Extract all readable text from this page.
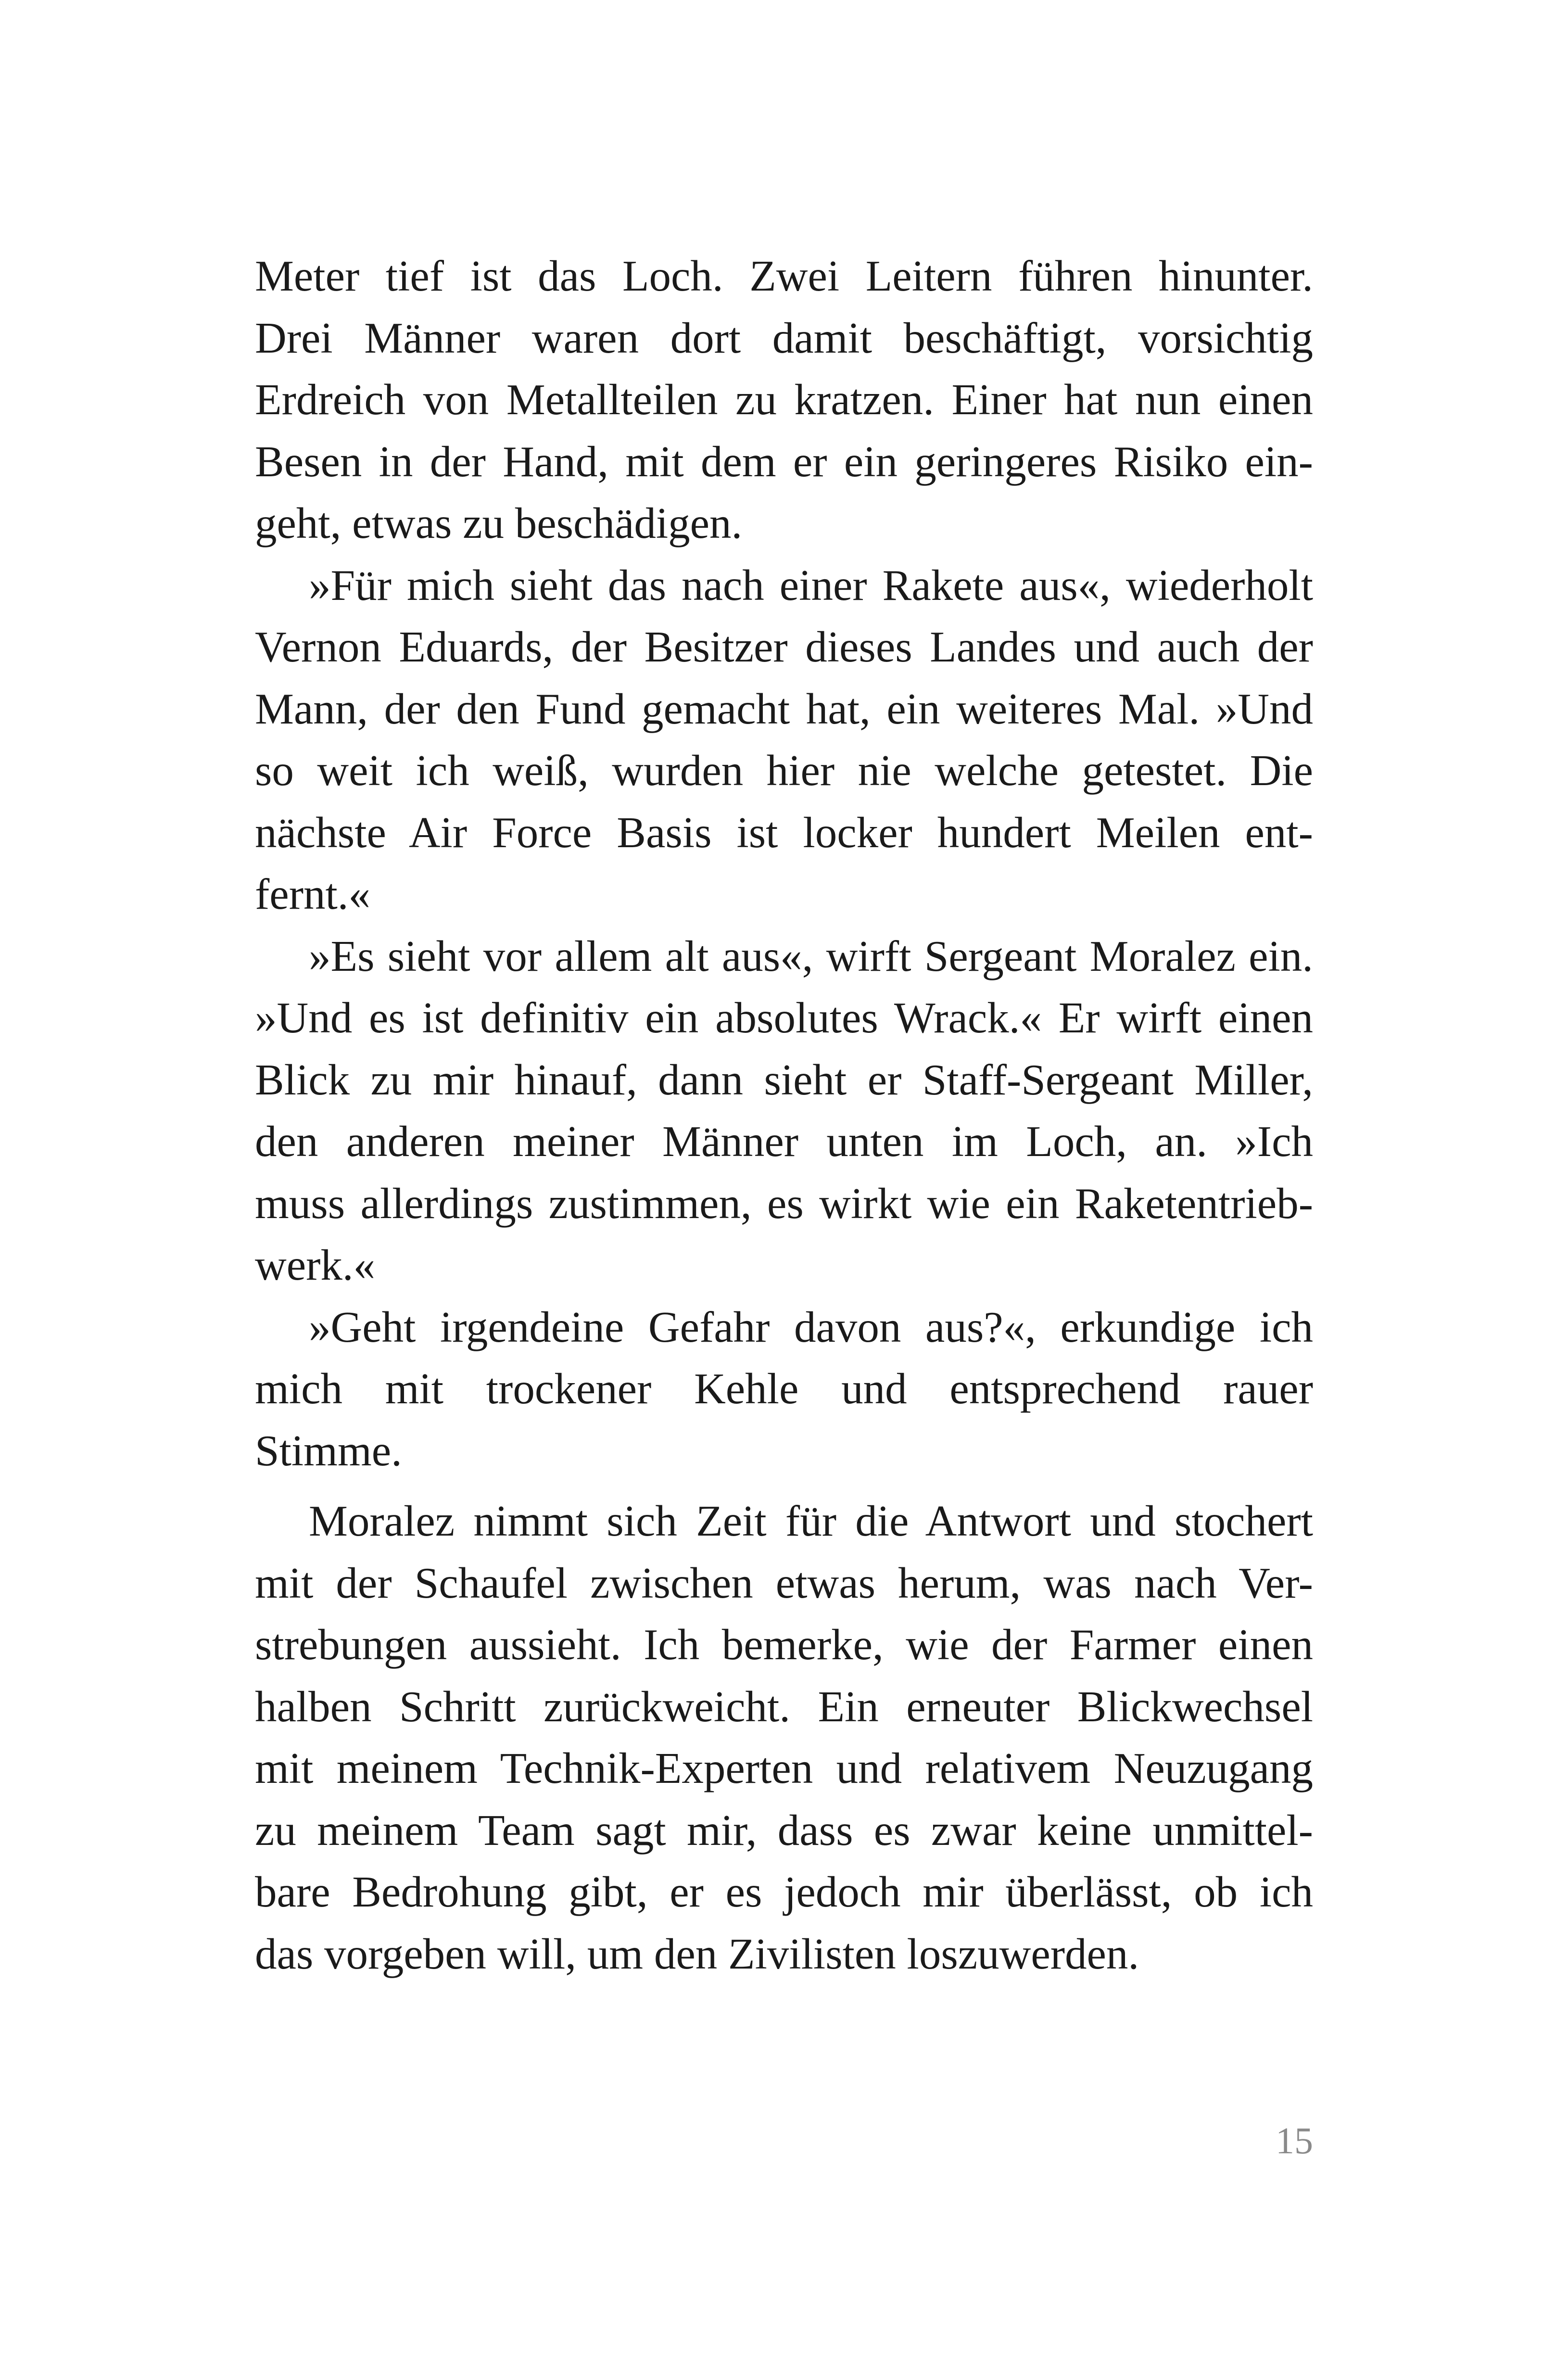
Meter tief ist das Loch. Zwei Leitern führen hinunter.
Drei Männer waren dort damit beschäftigt, vorsichtig
Erdreich von Metallteilen zu kratzen. Einer hat nun einen
Besen in der Hand, mit dem er ein geringeres Risiko ein-
geht, etwas zu beschädigen.
»Für mich sieht das nach einer Rakete aus«, wiederholt
Vernon Eduards, der Besitzer dieses Landes und auch der
Mann, der den Fund gemacht hat, ein weiteres Mal. »Und
so weit ich weiß, wurden hier nie welche getestet. Die
nächste Air Force Basis ist locker hundert Meilen ent-
fernt.«
»Es sieht vor allem alt aus«, wirft Sergeant Moralez ein.
»Und es ist definitiv ein absolutes Wrack.« Er wirft einen
Blick zu mir hinauf, dann sieht er Staff-Sergeant Miller,
den anderen meiner Männer unten im Loch, an. »Ich
muss allerdings zustimmen, es wirkt wie ein Raketentrieb-
werk.«
»Geht irgendeine Gefahr davon aus?«, erkundige ich
mich mit trockener Kehle und entsprechend rauer
Stimme.
Moralez nimmt sich Zeit für die Antwort und stochert
mit der Schaufel zwischen etwas herum, was nach Ver-
strebungen aussieht. Ich bemerke, wie der Farmer einen
halben Schritt zurückweicht. Ein erneuter Blickwechsel
mit meinem Technik-Experten und relativem Neuzugang
zu meinem Team sagt mir, dass es zwar keine unmittel-
bare Bedrohung gibt, er es jedoch mir überlässt, ob ich
das vorgeben will, um den Zivilisten loszuwerden.
15
